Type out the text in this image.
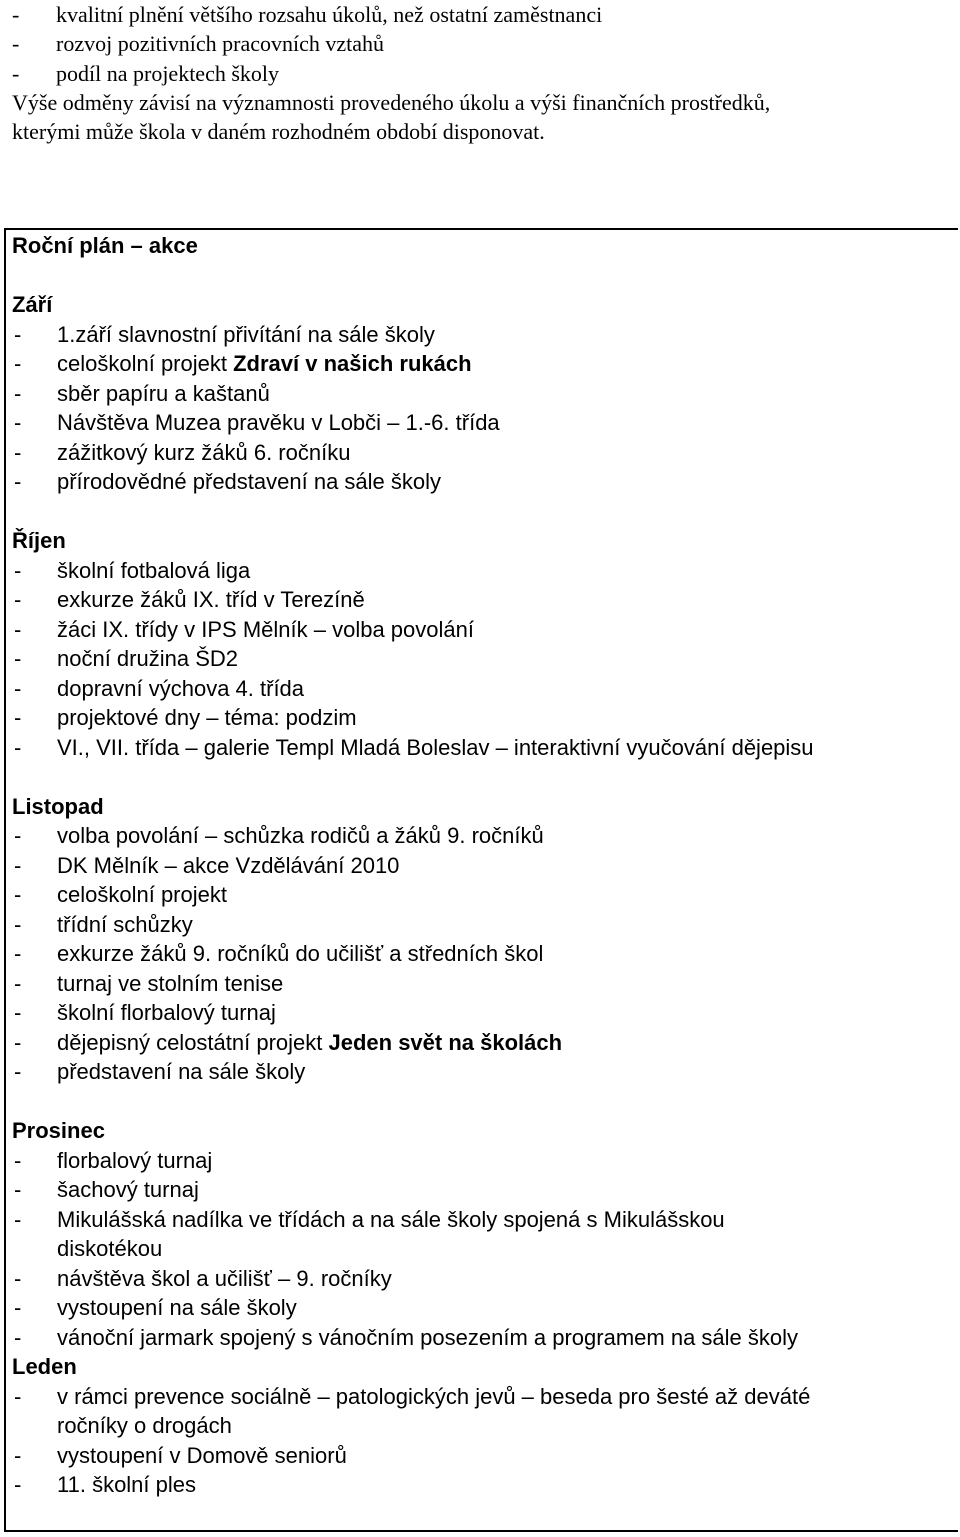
- kvalitní plnění většího rozsahu úkolů, než ostatní zaměstnanci
- rozvoj pozitivních pracovních vztahů
- podíl na projektech školy
Výše odměny závisí na významnosti provedeného úkolu a výši finančních prostředků,
kterými může škola v daném rozhodném období disponovat.
Roční plán – akce
Září
- 1.září slavnostní přivítání na sále školy
- celoškolní projekt Zdraví v našich rukách
- sběr papíru a kaštanů
- Návštěva Muzea pravěku v Lobči – 1.-6. třída
- zážitkový kurz žáků 6. ročníku
- přírodovědné představení na sále školy
Říjen
- školní fotbalová liga
- exkurze žáků IX. tříd v Terezíně
- žáci IX. třídy v IPS Mělník – volba povolání
- noční družina ŠD2
- dopravní výchova 4. třída
- projektové dny – téma: podzim
- VI., VII. třída – galerie Templ Mladá Boleslav – interaktivní vyučování dějepisu
Listopad
- volba povolání – schůzka rodičů a žáků 9. ročníků
- DK Mělník – akce Vzdělávání 2010
- celoškolní projekt
- třídní schůzky
- exkurze žáků 9. ročníků do učilišť a středních škol
- turnaj ve stolním tenise
- školní florbalový turnaj
- dějepisný celostátní projekt Jeden svět na školách
- představení na sále školy
Prosinec
- florbalový turnaj
- šachový turnaj
- Mikulášská nadílka ve třídách a na sále školy spojená s Mikulášskou
diskotékou
- návštěva škol a učilišť – 9. ročníky
- vystoupení na sále školy
- vánoční jarmark spojený s vánočním posezením a programem na sále školy
Leden
- v rámci prevence sociálně – patologických jevů – beseda pro šesté až deváté
ročníky o drogách
- vystoupení v Domově seniorů
- 11. školní ples
